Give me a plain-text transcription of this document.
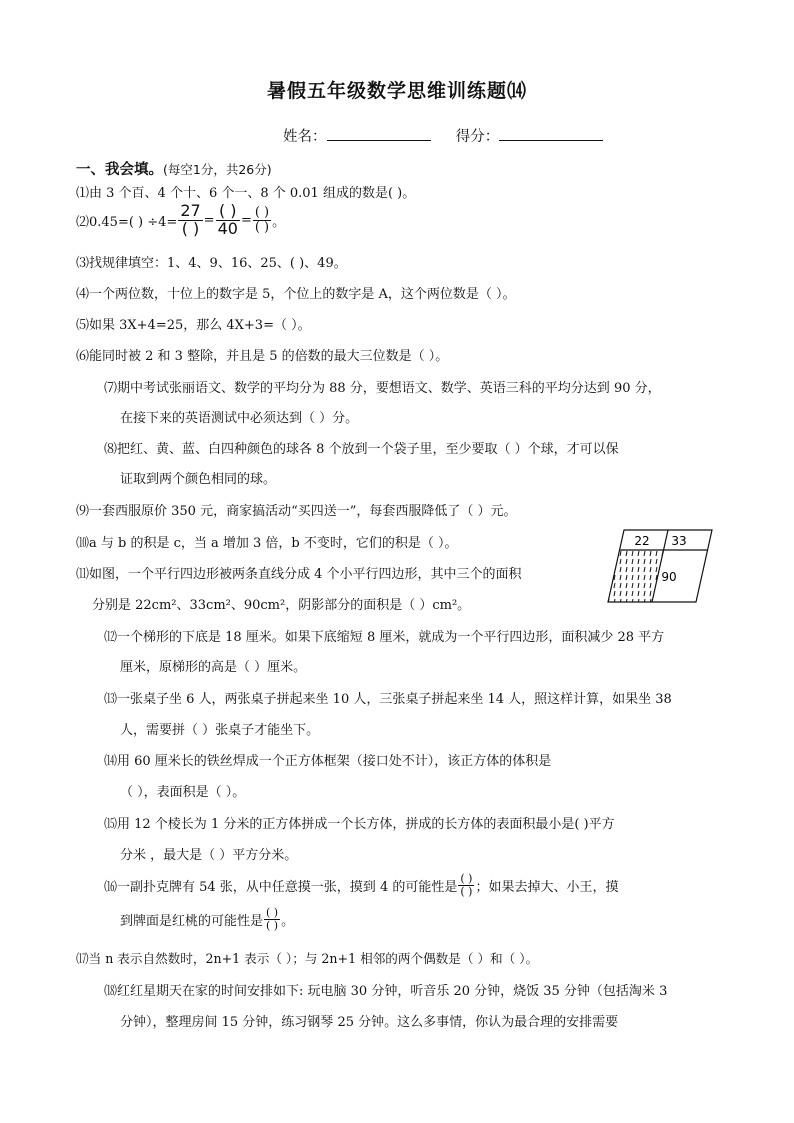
暑假五年级数学思维训练题⒁
姓名：	得分：
一、我会填。(每空1分，共26分)
⑴由 3 个百、4 个十、6 个一、8 个 0.01 组成的数是( )。
⑵0.45=( ) $\div 4= \frac{27}{( )} = \frac{( )}{40} = \frac{( )}{( )}$ 。
⑶找规律填空：1、4、9、16、25、( )、49。
⑷一个两位数，十位上的数字是 5，个位上的数字是 A，这个两位数是（ ）。
⑸如果 3X+4=25，那么 4X+3=（ ）。
⑹能同时被 2 和 3 整除，并且是 5 的倍数的最大三位数是（ ）。
⑺期中考试张丽语文、数学的平均分为 88 分，要想语文、数学、英语三科的平均分达到 90 分，
在接下来的英语测试中必须达到（ ）分。
⑻把红、黄、蓝、白四种颜色的球各 8 个放到一个袋子里，至少要取（ ）个球，才可以保
证取到两个颜色相同的球。
⑼一套西服原价 350 元，商家搞活动“买四送一”，每套西服降低了（ ）元。
⑽a 与 b 的积是 c，当 a 增加 3 倍，b 不变时，它们的积是（ ）。
⑾如图，一个平行四边形被两条直线分成 4 个小平行四边形，其中三个的面积
分别是 22cm²、33cm²、90cm²，阴影部分的面积是（ ）cm²。
22 33
90
⑿一个梯形的下底是 18 厘米。如果下底缩短 8 厘米，就成为一个平行四边形，面积减少 28 平方
厘米，原梯形的高是（ ）厘米。
⒀一张桌子坐 6 人，两张桌子拼起来坐 10 人，三张桌子拼起来坐 14 人，照这样计算，如果坐 38
人，需要拼（ ）张桌子才能坐下。
⒁用 60 厘米长的铁丝焊成一个正方体框架（接口处不计），该正方体的体积是
（ ），表面积是（ ）。
⒂用 12 个棱长为 1 分米的正方体拼成一个长方体，拼成的长方体的表面积最小是( )平方
分米 ，最大是（ ）平方分米。
⒃一副扑克牌有 54 张，从中任意摸一张，摸到 4 的可能性是 $\frac{( )}{( )}$ ；如果去掉大、小王，摸
到牌面是红桃的可能性是 $\frac{( )}{( )}$ 。
⒄当 n 表示自然数时，2n+1 表示（ ）；与 2n+1 相邻的两个偶数是（ ）和（ ）。
⒅红红星期天在家的时间安排如下: 玩电脑 30 分钟，听音乐 20 分钟，烧饭 35 分钟（包括淘米 3
分钟），整理房间 15 分钟，练习钢琴 25 分钟。这么多事情，你认为最合理的安排需要
